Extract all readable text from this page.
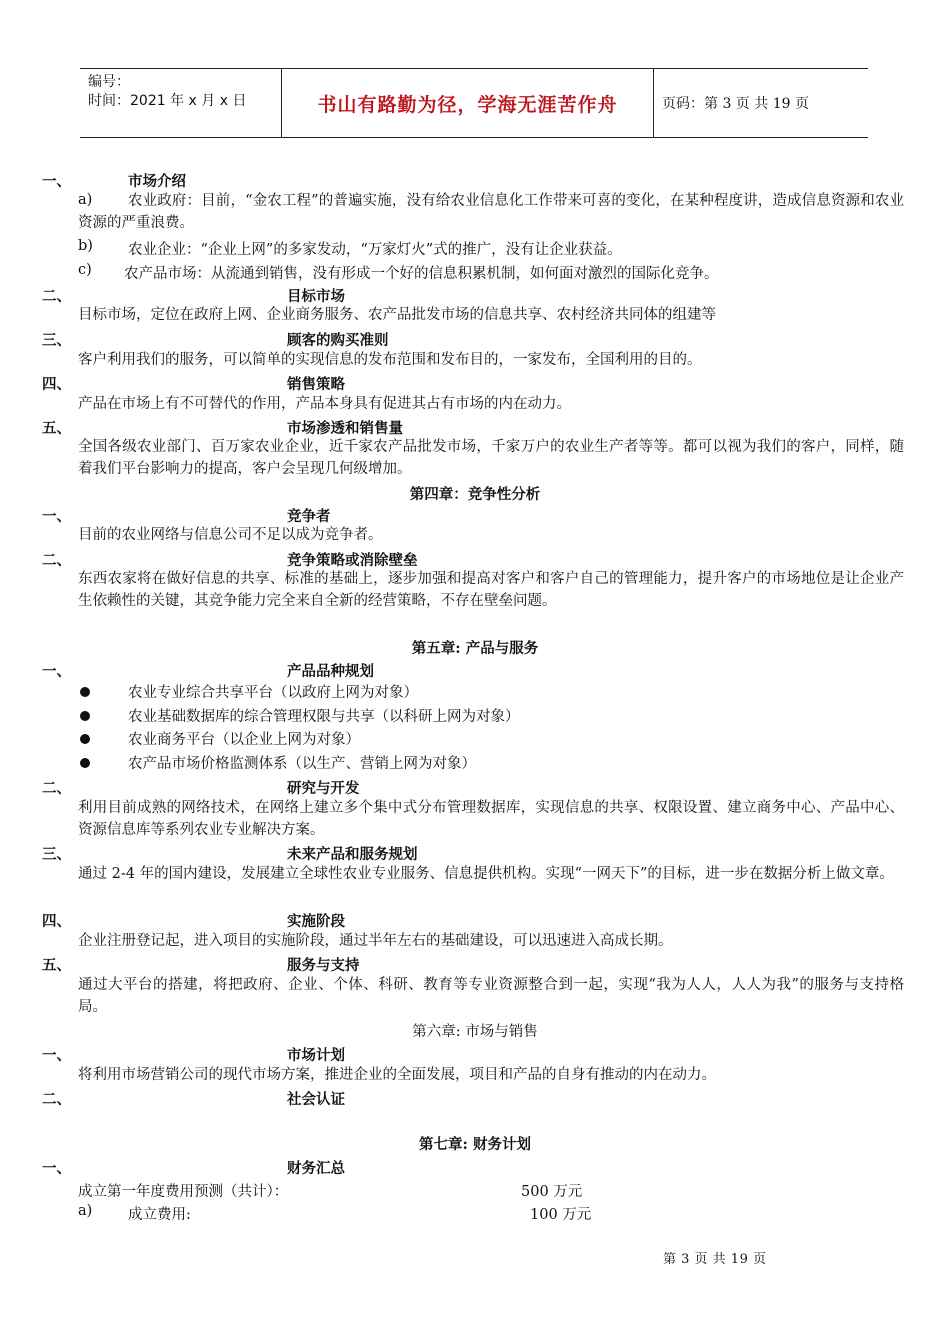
编号：
时间：2021 年 x 月 x 日	书山有路勤为径，学海无涯苦作舟	页码：第 3 页 共 19 页
一、	市场介绍
a)	农业政府：目前，“金农工程”的普遍实施，没有给农业信息化工作带来可喜的变化，在某种程度讲，造成信息资源和农业资源的严重浪费。
b) 农业企业：“企业上网”的多家发动，“万家灯火”式的推广，没有让企业获益。
c) 农产品市场：从流通到销售，没有形成一个好的信息积累机制，如何面对激烈的国际化竞争。
二、	目标市场
目标市场，定位在政府上网、企业商务服务、农产品批发市场的信息共享、农村经济共同体的组建等
三、	顾客的购买准则
客户利用我们的服务，可以简单的实现信息的发布范围和发布目的，一家发布，全国利用的目的。
四、	销售策略
产品在市场上有不可替代的作用，产品本身具有促进其占有市场的内在动力。
五、	市场渗透和销售量
全国各级农业部门、百万家农业企业，近千家农产品批发市场，千家万户的农业生产者等等。都可以视为我们的客户，同样，随着我们平台影响力的提高，客户会呈现几何级增加。
第四章：竞争性分析
一、	竞争者
目前的农业网络与信息公司不足以成为竞争者。
二、	竞争策略或消除壁垒
东西农家将在做好信息的共享、标准的基础上，逐步加强和提高对客户和客户自己的管理能力，提升客户的市场地位是让企业产生依赖性的关键，其竞争能力完全来自全新的经营策略，不存在壁垒问题。
第五章: 产品与服务
一、	产品品种规划
农业专业综合共享平台（以政府上网为对象）
农业基础数据库的综合管理权限与共享（以科研上网为对象）
农业商务平台（以企业上网为对象）
农产品市场价格监测体系（以生产、营销上网为对象）
二、	研究与开发
利用目前成熟的网络技术，在网络上建立多个集中式分布管理数据库，实现信息的共享、权限设置、建立商务中心、产品中心、资源信息库等系列农业专业解决方案。
三、	未来产品和服务规划
通过 2-4 年的国内建设，发展建立全球性农业专业服务、信息提供机构。实现“一网天下”的目标，进一步在数据分析上做文章。
四、	实施阶段
企业注册登记起，进入项目的实施阶段，通过半年左右的基础建设，可以迅速进入高成长期。
五、	服务与支持
通过大平台的搭建，将把政府、企业、个体、科研、教育等专业资源整合到一起，实现“我为人人，人人为我”的服务与支持格局。
第六章: 市场与销售
一、	市场计划
将利用市场营销公司的现代市场方案，推进企业的全面发展，项目和产品的自身有推动的内在动力。
二、	社会认证
第七章: 财务计划
一、	财务汇总
成立第一年度费用预测（共计）：	500 万元
a) 成立费用:	100 万元
第 3 页 共 19 页
